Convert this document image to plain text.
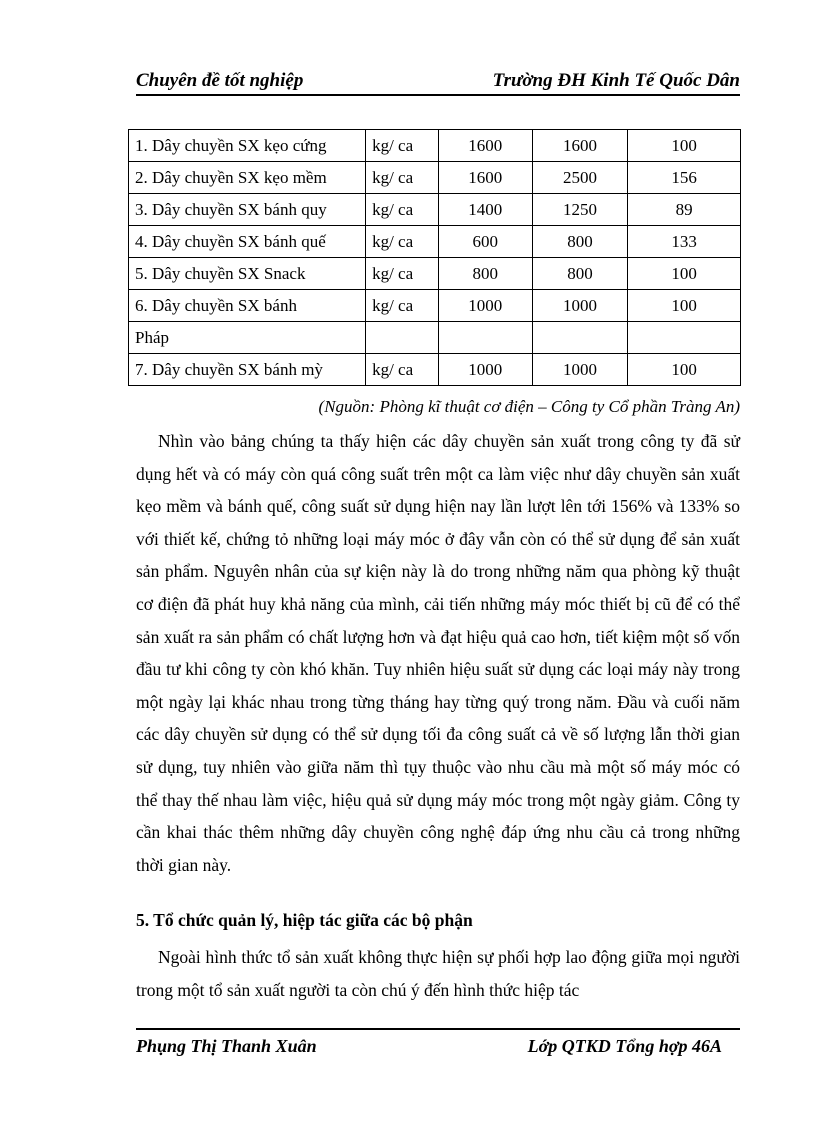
Chuyên đề tốt nghiệp	Trường ĐH Kinh Tế Quốc Dân
1. Dây chuyền SX kẹo cứng	kg/ ca	1600	1600	100
2. Dây chuyền SX kẹo mềm	kg/ ca	1600	2500	156
3. Dây chuyền SX bánh quy	kg/ ca	1400	1250	89
4. Dây chuyền SX bánh quế	kg/ ca	600	800	133
5. Dây chuyền SX Snack	kg/ ca	800	800	100
6. Dây chuyền SX bánh	kg/ ca	1000	1000	100
Pháp				
7. Dây chuyền SX bánh mỳ	kg/ ca	1000	1000	100
(Nguồn: Phòng kĩ thuật cơ điện – Công ty Cổ phần Tràng An)

Nhìn vào bảng chúng ta thấy hiện các dây chuyền sản xuất trong công ty đã sử dụng hết và có máy còn quá công suất trên một ca làm việc như dây chuyền sản xuất kẹo mềm và bánh quế, công suất sử dụng hiện nay lần lượt lên tới 156% và 133% so với thiết kế, chứng tỏ những loại máy móc ở đây vẫn còn có thể sử dụng để sản xuất sản phẩm. Nguyên nhân của sự kiện này là do trong những năm qua phòng kỹ thuật cơ điện đã phát huy khả năng của mình, cải tiến những máy móc thiết bị cũ để có thể sản xuất ra sản phẩm có chất lượng hơn và đạt hiệu quả cao hơn, tiết kiệm một số vốn đầu tư khi công ty còn khó khăn. Tuy nhiên hiệu suất sử dụng các loại máy này trong một ngày lại khác nhau trong từng tháng hay từng quý trong năm. Đầu và cuối năm các dây chuyền sử dụng có thể sử dụng tối đa công suất cả về số lượng lẫn thời gian sử dụng, tuy nhiên vào giữa năm thì tụy thuộc vào nhu cầu mà một số máy móc có thể thay thế nhau làm việc, hiệu quả sử dụng máy móc trong một ngày giảm. Công ty cần khai thác thêm những dây chuyền công nghệ đáp ứng nhu cầu cả trong những thời gian này.

5. Tổ chức quản lý, hiệp tác giữa các bộ phận

Ngoài hình thức tổ sản xuất không thực hiện sự phối hợp lao động giữa mọi người trong một tổ sản xuất người ta còn chú ý đến hình thức hiệp tác

Phụng Thị Thanh Xuân	Lớp QTKD Tổng hợp 46A
